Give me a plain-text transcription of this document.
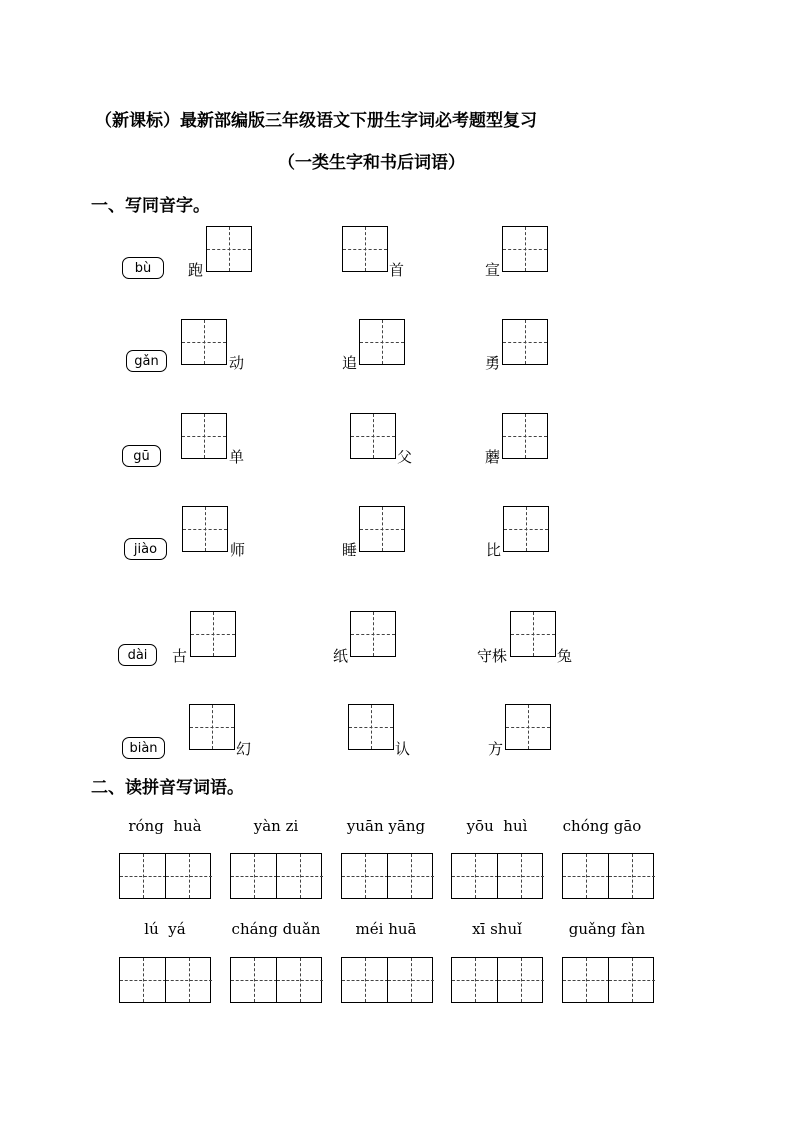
（新课标）最新部编版三年级语文下册生字词必考题型复习
（一类生字和书后词语）
一、写同音字。
bù	跑	首	宣
gǎn	动	追	勇
gū	单	父	蘑
jiào	师	睡	比
dài	古	纸	守株	兔
biàn	幻	认	方
二、读拼音写词语。
róng  huà	yàn zi	yuān yāng	yōu  huì	chóng gāo
lú  yá	cháng duǎn	méi huā	xī shuǐ	guǎng fàn
